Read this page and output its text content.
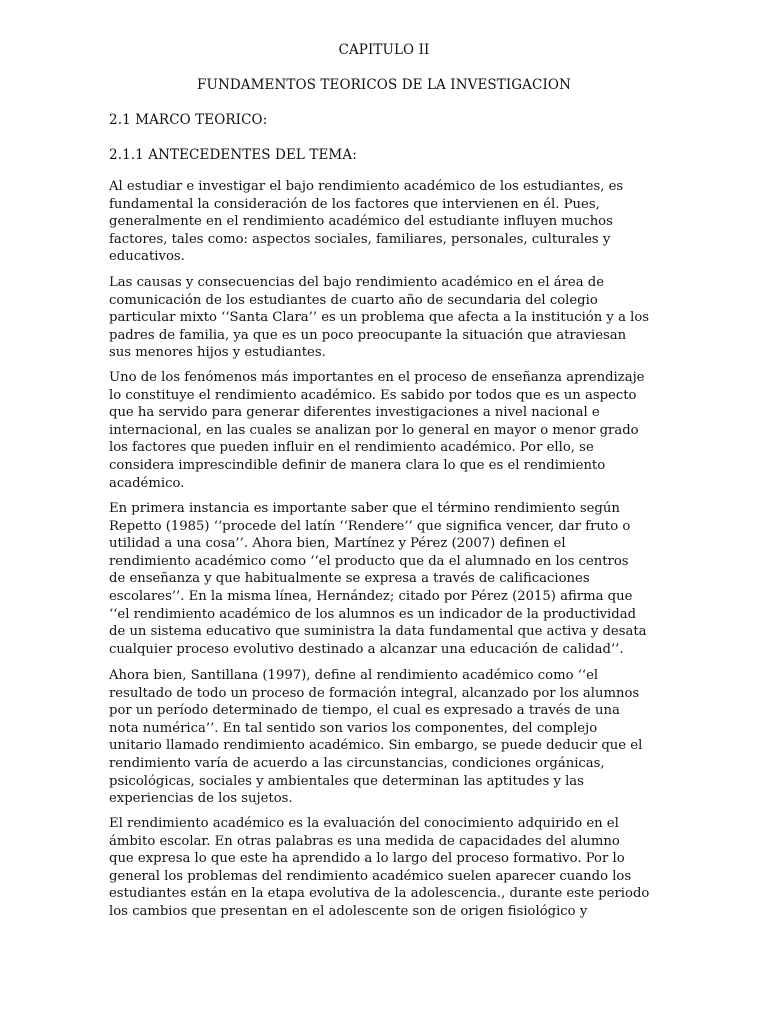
CAPITULO II
FUNDAMENTOS TEORICOS DE LA INVESTIGACION
2.1 MARCO TEORICO:
2.1.1 ANTECEDENTES DEL TEMA:
Al estudiar e investigar el bajo rendimiento académico de los estudiantes, es
fundamental la consideración de los factores que intervienen en él. Pues,
generalmente en el rendimiento académico del estudiante influyen muchos
factores, tales como: aspectos sociales, familiares, personales, culturales y
educativos.
Las causas y consecuencias del bajo rendimiento académico en el área de
comunicación de los estudiantes de cuarto año de secundaria del colegio
particular mixto ‘‘Santa Clara’’ es un problema que afecta a la institución y a los
padres de familia, ya que es un poco preocupante la situación que atraviesan
sus menores hijos y estudiantes.
Uno de los fenómenos más importantes en el proceso de enseñanza aprendizaje
lo constituye el rendimiento académico. Es sabido por todos que es un aspecto
que ha servido para generar diferentes investigaciones a nivel nacional e
internacional, en las cuales se analizan por lo general en mayor o menor grado
los factores que pueden influir en el rendimiento académico. Por ello, se
considera imprescindible definir de manera clara lo que es el rendimiento
académico.
En primera instancia es importante saber que el término rendimiento según
Repetto (1985) ‘‘procede del latín ‘‘Rendere’’ que significa vencer, dar fruto o
utilidad a una cosa’’. Ahora bien, Martínez y Pérez (2007) definen el
rendimiento académico como ‘‘el producto que da el alumnado en los centros
de enseñanza y que habitualmente se expresa a través de calificaciones
escolares’’. En la misma línea, Hernández; citado por Pérez (2015) afirma que
‘‘el rendimiento académico de los alumnos es un indicador de la productividad
de un sistema educativo que suministra la data fundamental que activa y desata
cualquier proceso evolutivo destinado a alcanzar una educación de calidad’’.
Ahora bien, Santillana (1997), define al rendimiento académico como ‘‘el
resultado de todo un proceso de formación integral, alcanzado por los alumnos
por un período determinado de tiempo, el cual es expresado a través de una
nota numérica’’. En tal sentido son varios los componentes, del complejo
unitario llamado rendimiento académico. Sin embargo, se puede deducir que el
rendimiento varía de acuerdo a las circunstancias, condiciones orgánicas,
psicológicas, sociales y ambientales que determinan las aptitudes y las
experiencias de los sujetos.
El rendimiento académico es la evaluación del conocimiento adquirido en el
ámbito escolar. En otras palabras es una medida de capacidades del alumno
que expresa lo que este ha aprendido a lo largo del proceso formativo. Por lo
general los problemas del rendimiento académico suelen aparecer cuando los
estudiantes están en la etapa evolutiva de la adolescencia., durante este periodo
los cambios que presentan en el adolescente son de origen fisiológico y
